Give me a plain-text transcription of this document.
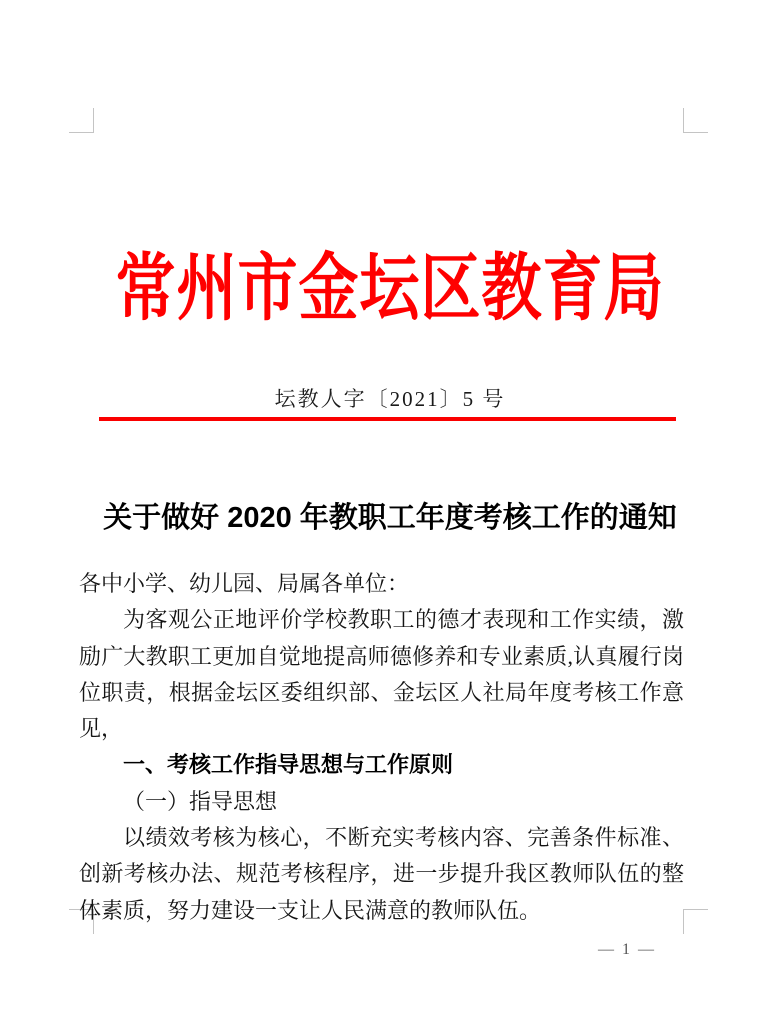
常州市金坛区教育局
坛教人字〔2021〕5 号
关于做好 2020 年教职工年度考核工作的通知

各中小学、幼儿园、局属各单位：

为客观公正地评价学校教职工的德才表现和工作实绩，激励广大教职工更加自觉地提高师德修养和专业素质,认真履行岗位职责，根据金坛区委组织部、金坛区人社局年度考核工作意见，

一、考核工作指导思想与工作原则

（一）指导思想

以绩效考核为核心，不断充实考核内容、完善条件标准、创新考核办法、规范考核程序，进一步提升我区教师队伍的整体素质，努力建设一支让人民满意的教师队伍。

— 1 —
